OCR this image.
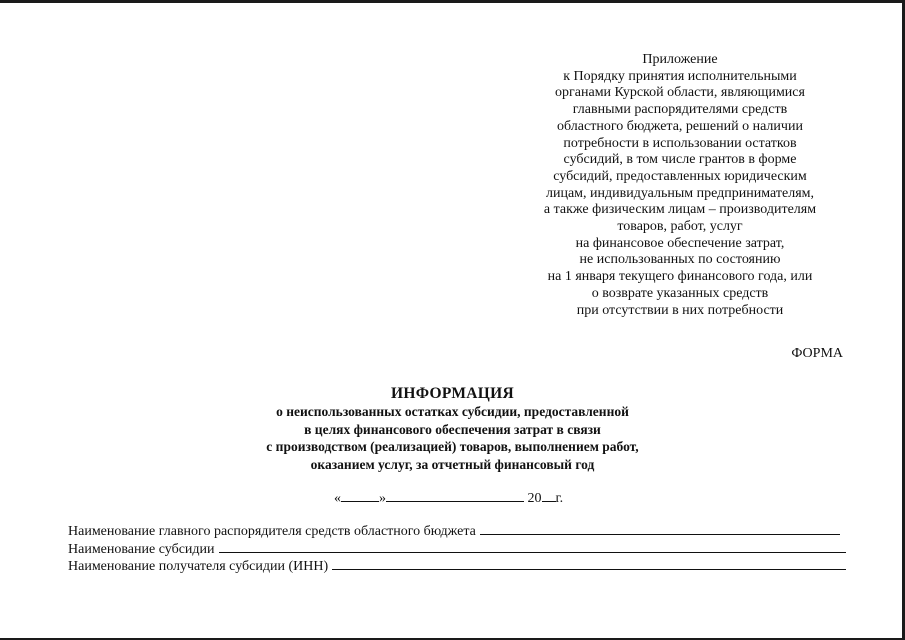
Приложение
к Порядку принятия исполнительными
органами Курской области, являющимися
главными распорядителями средств
областного бюджета, решений о наличии
потребности в использовании остатков
субсидий, в том числе грантов в форме
субсидий, предоставленных юридическим
лицам, индивидуальным предпринимателям,
а также физическим лицам – производителям
товаров, работ, услуг
на финансовое обеспечение затрат,
не использованных по состоянию
на 1 января текущего финансового года, или
о возврате указанных средств
при отсутствии в них потребности
ФОРМА
ИНФОРМАЦИЯ
о неиспользованных остатках субсидии, предоставленной
в целях финансового обеспечения затрат в связи
с производством (реализацией) товаров, выполнением работ,
оказанием услуг, за отчетный финансовый год
«	»	20 г.
Наименование главного распорядителя средств областного бюджета
Наименование субсидии
Наименование получателя субсидии (ИНН)
